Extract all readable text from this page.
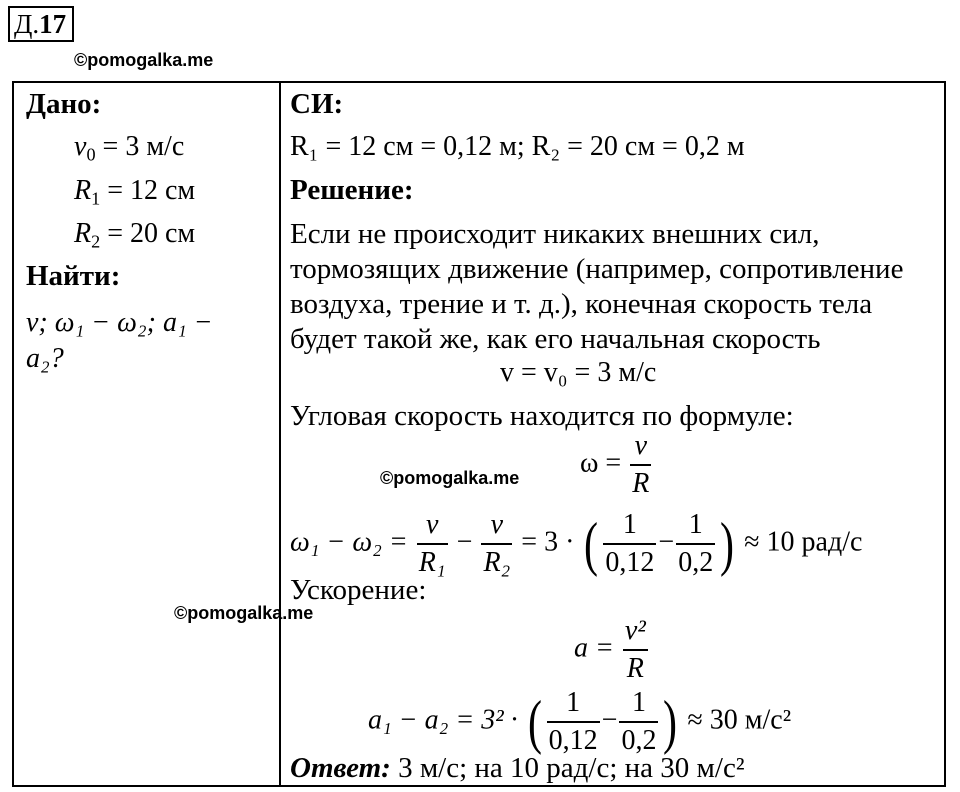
Д.17
©pomogalka.me
Дано:
$v_0 = 3$ м/с
$R_1 = 12$ см
$R_2 = 20$ см
Найти:
v; ω₁ − ω₂; a₁ −
a₂?
СИ:
R₁ = 12 см = 0,12 м; R₂ = 20 см = 0,2 м
Решение:
Если не происходит никаких внешних сил,
тормозящих движение (например, сопротивление
воздуха, трение и т. д.), конечная скорость тела
будет такой же, как его начальная скорость
v = v₀ = 3 м/с
Угловая скорость находится по формуле:
©pomogalka.me $\omega = \frac{v}{R}$
$\omega_1 - \omega_2 = \frac{v}{\text{R₁}} - \frac{v}{\text{R₂}} = 3$ · ( $\frac{1}{0,12} - \frac{1}{0,2}$ ) ≈ 10 рад/с
Ускорение:
©pomogalka.me
$a = \frac{\text{v²}}{R}$
a₁ − a₂ = 3² · ( $\frac{1}{0,12} - \frac{1}{0,2}$ ) ≈ 30 м/с²
Ответ: 3 м/с; на 10 рад/с; на 30 м/с²
